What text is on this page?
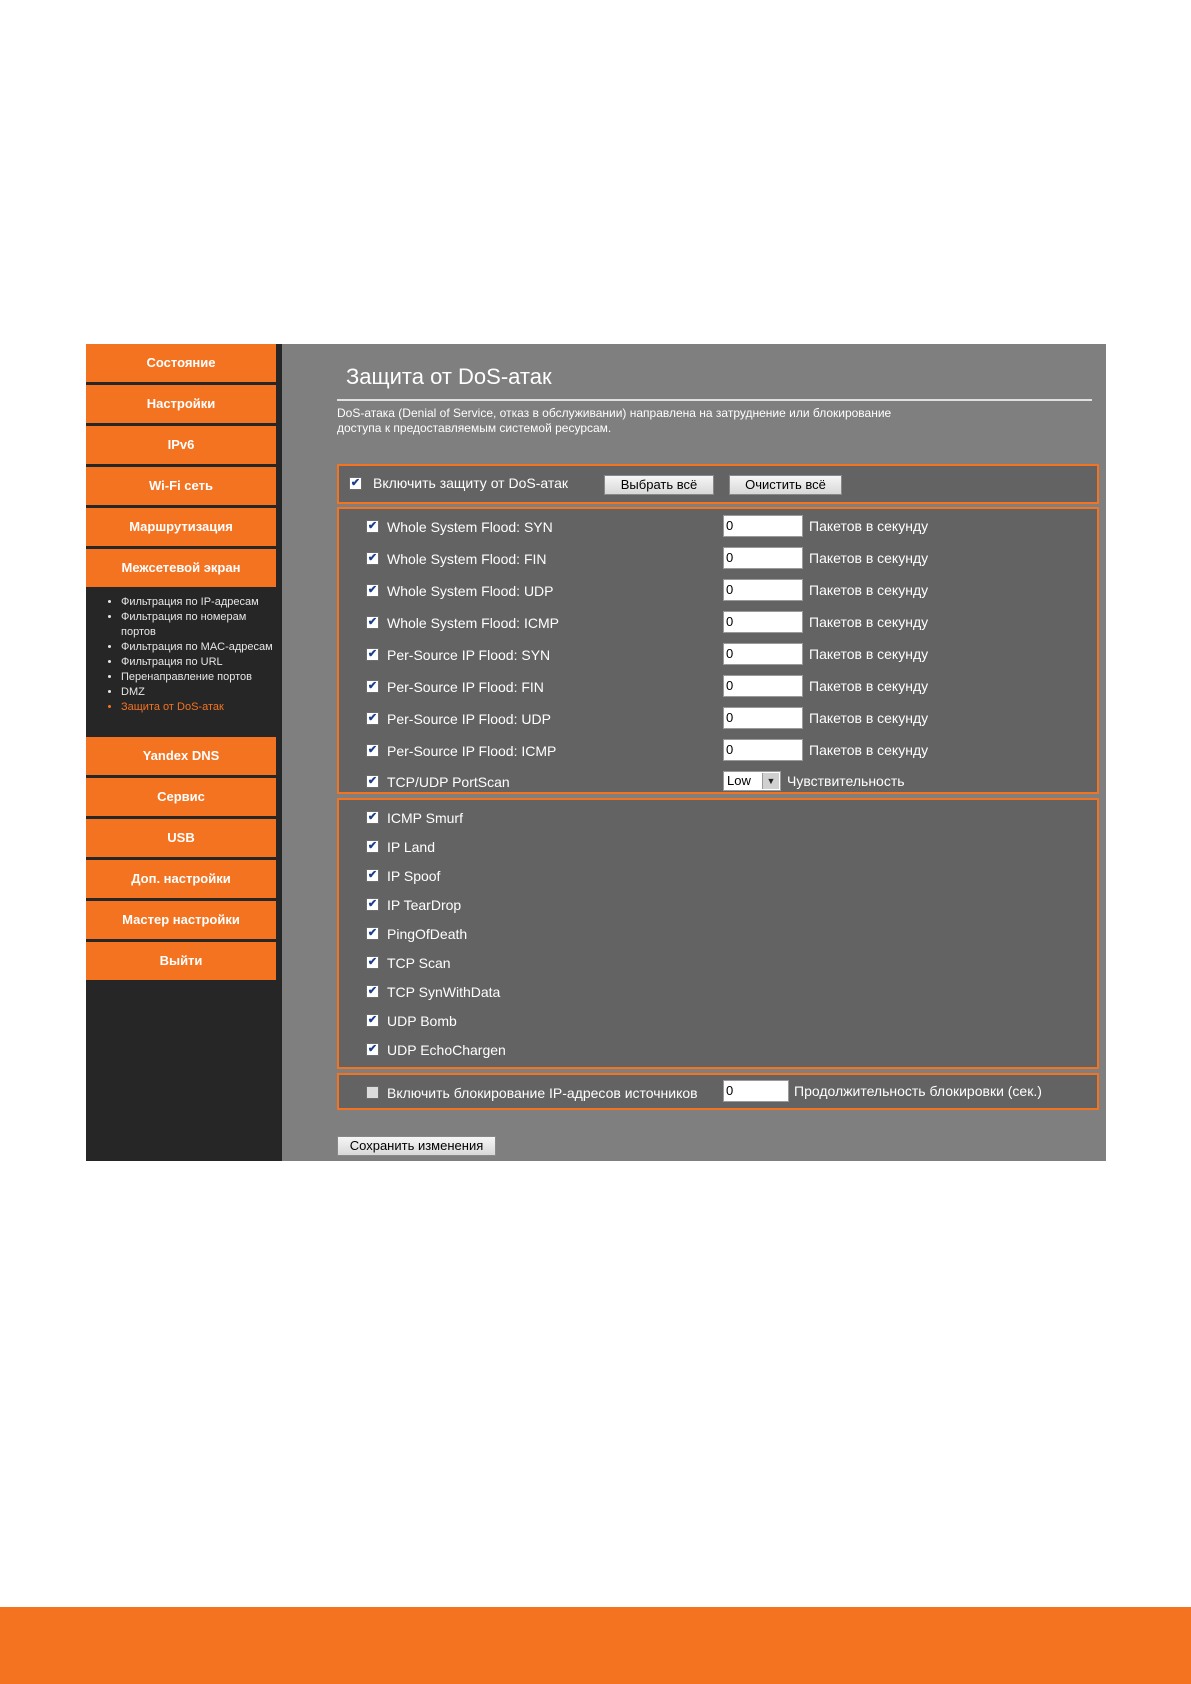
Состояние
Настройки
IPv6
Wi-Fi сеть
Маршрутизация
Межсетевой экран
• Фильтрация по IP-адресам
• Фильтрация по номерам портов
• Фильтрация по MAC-адресам
• Фильтрация по URL
• Перенаправление портов
• DMZ
• Защита от DoS-атак
Yandex DNS
Сервис
USB
Доп. настройки
Мастер настройки
Выйти
Защита от DoS-атак
DoS-атака (Denial of Service, отказ в обслуживании) направлена на затруднение или блокирование доступа к предоставляемым системой ресурсам.
✔ Включить защиту от DoS-атак	Выбрать всё	Очистить всё
✔ Whole System Flood: SYN	0	Пакетов в секунду
✔ Whole System Flood: FIN	0	Пакетов в секунду
✔ Whole System Flood: UDP	0	Пакетов в секунду
✔ Whole System Flood: ICMP	0	Пакетов в секунду
✔ Per-Source IP Flood: SYN	0	Пакетов в секунду
✔ Per-Source IP Flood: FIN	0	Пакетов в секунду
✔ Per-Source IP Flood: UDP	0	Пакетов в секунду
✔ Per-Source IP Flood: ICMP	0	Пакетов в секунду
✔ TCP/UDP PortScan	Low	▼ Чувствительность
✔ ICMP Smurf
✔ IP Land
✔ IP Spoof
✔ IP TearDrop
✔ PingOfDeath
✔ TCP Scan
✔ TCP SynWithData
✔ UDP Bomb
✔ UDP EchoChargen
Включить блокирование IP-адресов источников 0	Продолжительность блокировки (сек.)
Сохранить изменения
